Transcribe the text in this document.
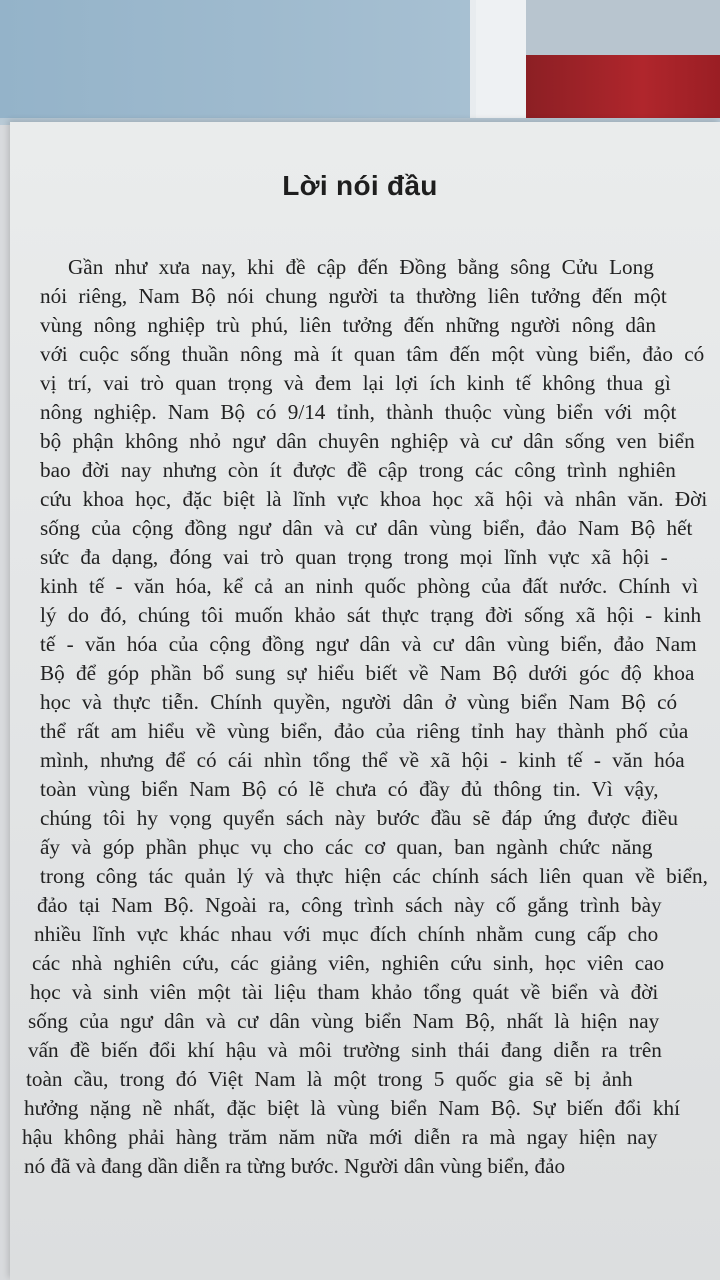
Lời nói đầu
Gần như xưa nay, khi đề cập đến Đồng bằng sông Cửu Long
nói riêng, Nam Bộ nói chung người ta thường liên tưởng đến một
vùng nông nghiệp trù phú, liên tưởng đến những người nông dân
với cuộc sống thuần nông mà ít quan tâm đến một vùng biển, đảo có
vị trí, vai trò quan trọng và đem lại lợi ích kinh tế không thua gì
nông nghiệp. Nam Bộ có 9/14 tỉnh, thành thuộc vùng biển với một
bộ phận không nhỏ ngư dân chuyên nghiệp và cư dân sống ven biển
bao đời nay nhưng còn ít được đề cập trong các công trình nghiên
cứu khoa học, đặc biệt là lĩnh vực khoa học xã hội và nhân văn. Đời
sống của cộng đồng ngư dân và cư dân vùng biển, đảo Nam Bộ hết
sức đa dạng, đóng vai trò quan trọng trong mọi lĩnh vực xã hội -
kinh tế - văn hóa, kể cả an ninh quốc phòng của đất nước. Chính vì
lý do đó, chúng tôi muốn khảo sát thực trạng đời sống xã hội - kinh
tế - văn hóa của cộng đồng ngư dân và cư dân vùng biển, đảo Nam
Bộ để góp phần bổ sung sự hiểu biết về Nam Bộ dưới góc độ khoa
học và thực tiễn. Chính quyền, người dân ở vùng biển Nam Bộ có
thể rất am hiểu về vùng biển, đảo của riêng tỉnh hay thành phố của
mình, nhưng để có cái nhìn tổng thể về xã hội - kinh tế - văn hóa
toàn vùng biển Nam Bộ có lẽ chưa có đầy đủ thông tin. Vì vậy,
chúng tôi hy vọng quyển sách này bước đầu sẽ đáp ứng được điều
ấy và góp phần phục vụ cho các cơ quan, ban ngành chức năng
trong công tác quản lý và thực hiện các chính sách liên quan về biển,
đảo tại Nam Bộ. Ngoài ra, công trình sách này cố gắng trình bày
nhiều lĩnh vực khác nhau với mục đích chính nhằm cung cấp cho
các nhà nghiên cứu, các giảng viên, nghiên cứu sinh, học viên cao
học và sinh viên một tài liệu tham khảo tổng quát về biển và đời
sống của ngư dân và cư dân vùng biển Nam Bộ, nhất là hiện nay
vấn đề biến đổi khí hậu và môi trường sinh thái đang diễn ra trên
toàn cầu, trong đó Việt Nam là một trong 5 quốc gia sẽ bị ảnh
hưởng nặng nề nhất, đặc biệt là vùng biển Nam Bộ. Sự biến đổi khí
hậu không phải hàng trăm năm nữa mới diễn ra mà ngay hiện nay
nó đã và đang dần diễn ra từng bước. Người dân vùng biển, đảo
